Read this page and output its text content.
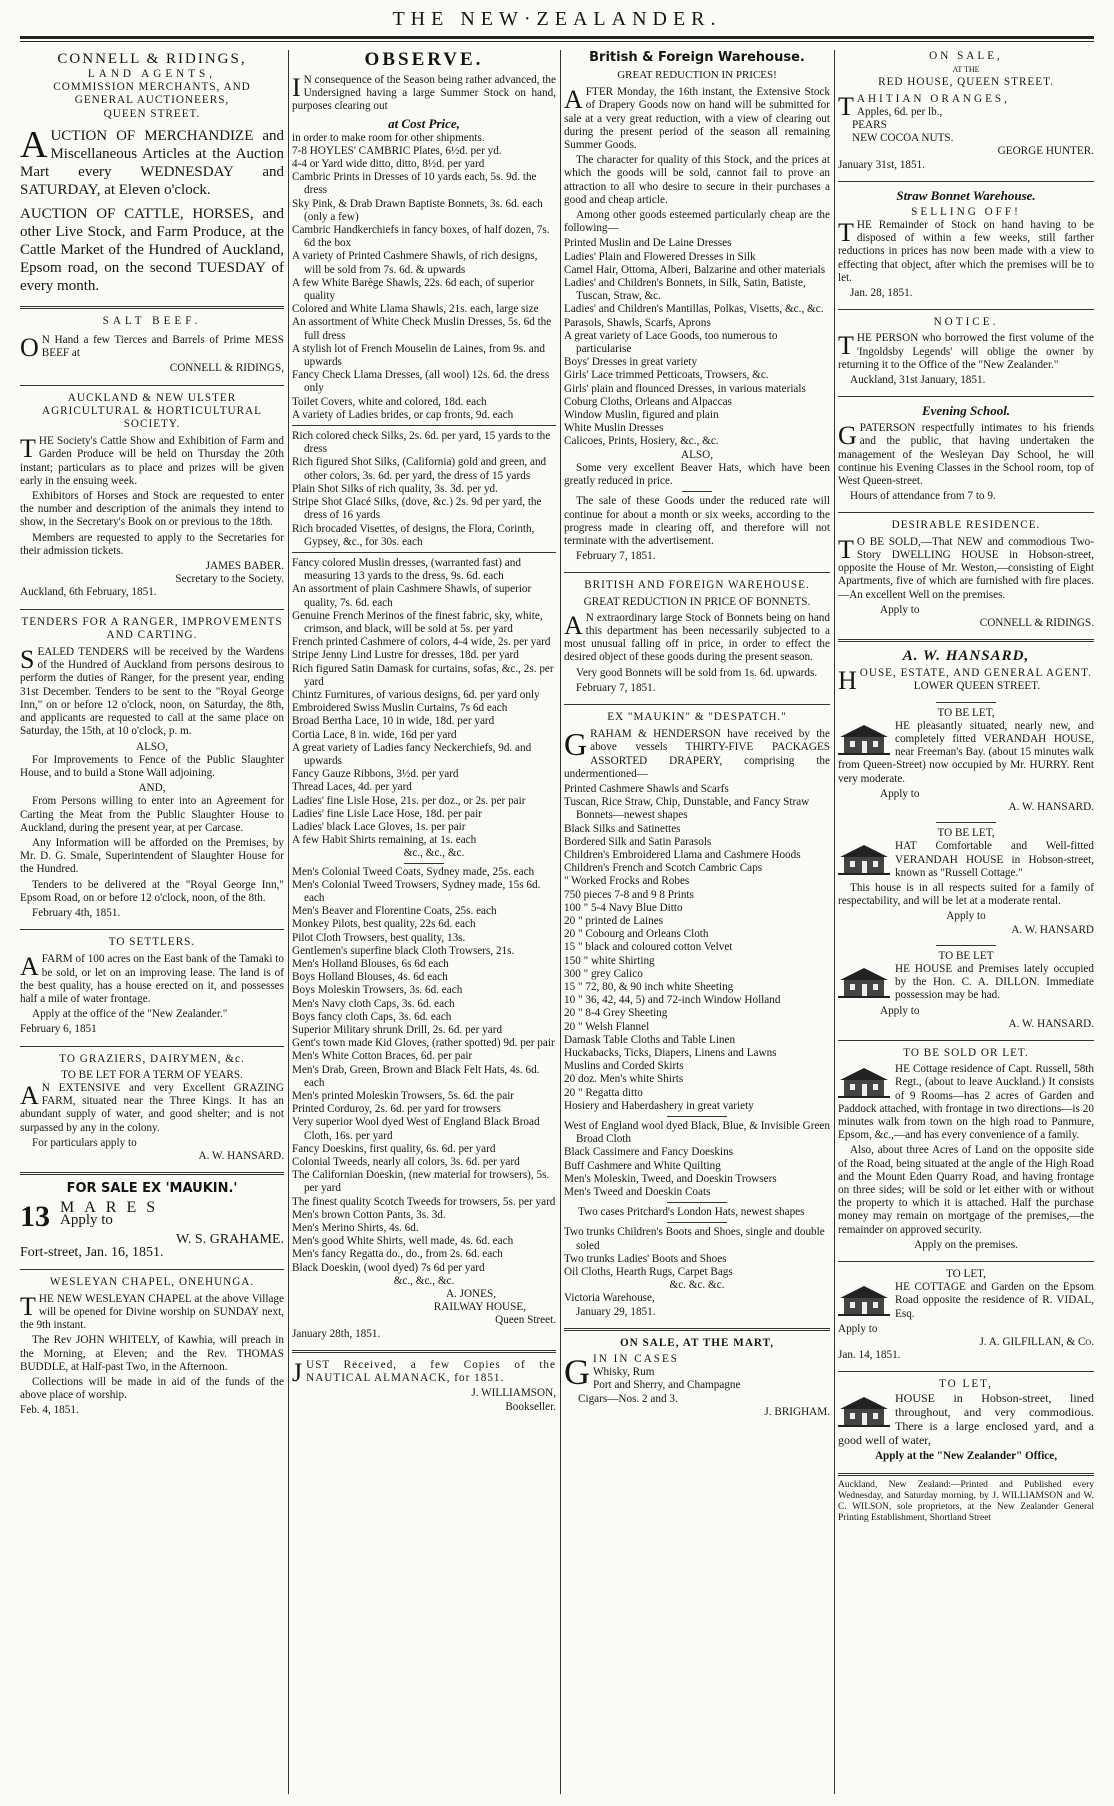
THE NEW·ZEALANDER.
CONNELL & RIDINGS,
LAND AGENTS,
COMMISSION MERCHANTS, AND
GENERAL AUCTIONEERS,
QUEEN STREET.
AUCTION OF MERCHANDIZE and Miscellaneous Articles at the Auction Mart every WEDNESDAY and SATURDAY, at Eleven o'clock.
AUCTION OF CATTLE, HORSES, and other Live Stock, and Farm Produce, at the Cattle Market of the Hundred of Auckland, Epsom road, on the second TUESDAY of every month.
SALT BEEF.
O N Hand a few Tierces and Barrels of Prime MESS BEEF at
CONNELL & RIDINGS,
AUCKLAND & NEW ULSTER AGRICULTURAL & HORTICULTURAL SOCIETY.
THE Society's Cattle Show and Exhibition of Farm and Garden Produce will be held on Thursday the 20th instant; particulars as to place and prizes will be given early in the ensuing week.
Exhibitors of Horses and Stock are requested to enter the number and description of the animals they intend to show, in the Secretary's Book on or previous to the 18th.
Members are requested to apply to the Secretaries for their admission tickets.
JAMES BABER.
Secretary to the Society.
Auckland, 6th February, 1851.
TENDERS FOR A RANGER, IMPROVEMENTS AND CARTING.
SEALED TENDERS will be received by the Wardens of the Hundred of Auckland from persons desirous to perform the duties of Ranger, for the present year, ending 31st December. Tenders to be sent to the "Royal George Inn," on or before 12 o'clock, noon, on Saturday, the 8th, and applicants are requested to call at the same place on Saturday, the 15th, at 10 o'clock, p. m.
ALSO,
For Improvements to Fence of the Public Slaughter House, and to build a Stone Wall adjoining.
AND,
From Persons willing to enter into an Agreement for Carting the Meat from the Public Slaughter House to Auckland, during the present year, at per Carcase.
Any Information will be afforded on the Premises, by Mr. D. G. Smale, Superintendent of Slaughter House for the Hundred.
Tenders to be delivered at the "Royal George Inn," Epsom Road, on or before 12 o'clock, noon, of the 8th.
February 4th, 1851.
TO SETTLERS.
AFARM of 100 acres on the East bank of the Tamaki to be sold, or let on an improving lease. The land is of the best quality, has a house erected on it, and possesses half a mile of water frontage.
Apply at the office of the "New Zealander."
February 6, 1851
TO GRAZIERS, DAIRYMEN, &c.
TO BE LET FOR A TERM OF YEARS.
A N EXTENSIVE and very Excellent GRAZING FARM, situated near the Three Kings. It has an abundant supply of water, and good shelter; and is not surpassed by any in the colony.
For particulars apply to
A. W. HANSARD.
FOR SALE EX 'MAUKIN.'
13 MARES
Apply to
W. S. GRAHAME.
Fort-street, Jan. 16, 1851.
WESLEYAN CHAPEL, ONEHUNGA.
THE NEW WESLEYAN CHAPEL at the above Village will be opened for Divine worship on SUNDAY next, the 9th instant.
The Rev JOHN WHITELY, of Kawhia, will preach in the Morning, at Eleven; and the Rev. THOMAS BUDDLE, at Half-past Two, in the Afternoon.
Collections will be made in aid of the funds of the above place of worship.
Feb. 4, 1851.
OBSERVE.
I N consequence of the Season being rather advanced, the Undersigned having a large Summer Stock on hand, purposes clearing out
at Cost Price,
in order to make room for other shipments.
7-8 HOYLES' CAMBRIC Plates, 6½d. per yd.
4-4 or Yard wide ditto, ditto, 8½d. per yard
Cambric Prints in Dresses of 10 yards each, 5s. 9d. the dress
Sky Pink, & Drab Drawn Baptiste Bonnets, 3s. 6d. each (only a few)
Cambric Handkerchiefs in fancy boxes, of half dozen, 7s. 6d the box
A variety of Printed Cashmere Shawls, of rich designs, will be sold from 7s. 6d. & upwards
A few White Barège Shawls, 22s. 6d each, of superior quality
Colored and White Llama Shawls, 21s. each, large size
An assortment of White Check Muslin Dresses, 5s. 6d the full dress
A stylish lot of French Mouselin de Laines, from 9s. and upwards
Fancy Check Llama Dresses, (all wool) 12s. 6d. the dress only
Toilet Covers, white and colored, 18d. each
A variety of Ladies brides, or cap fronts, 9d. each
Rich colored check Silks, 2s. 6d. per yard, 15 yards to the dress
Rich figured Shot Silks, (California) gold and green, and other colors, 3s. 6d. per yard, the dress of 15 yards
Plain Shot Silks of rich quality, 3s. 3d. per yd.
Stripe Shot Glacé Silks, (dove, &c.) 2s. 9d per yard, the dress of 16 yards
Rich brocaded Visettes, of designs, the Flora, Corinth, Gypsey, &c., for 30s. each
Fancy colored Muslin dresses, (warranted fast) and measuring 13 yards to the dress, 9s. 6d. each
An assortment of plain Cashmere Shawls, of superior quality, 7s. 6d. each
Genuine French Merinos of the finest fabric, sky, white, crimson, and black, will be sold at 5s. per yard
French printed Cashmere of colors, 4-4 wide, 2s. per yard
Stripe Jenny Lind Lustre for dresses, 18d. per yard
Rich figured Satin Damask for curtains, sofas, &c., 2s. per yard
Chintz Furnitures, of various designs, 6d. per yard only
Embroidered Swiss Muslin Curtains, 7s 6d each
Broad Bertha Lace, 10 in wide, 18d. per yard
Cortia Lace, 8 in. wide, 16d per yard
A great variety of Ladies fancy Neckerchiefs, 9d. and upwards
Fancy Gauze Ribbons, 3½d. per yard
Thread Laces, 4d. per yard
Ladies' fine Lisle Hose, 21s. per doz., or 2s. per pair
Ladies' fine Lisle Lace Hose, 18d. per pair
Ladies' black Lace Gloves, 1s. per pair
A few Habit Shirts remaining, at 1s. each
&c., &c., &c.
Men's Colonial Tweed Coats, Sydney made, 25s. each
Men's Colonial Tweed Trowsers, Sydney made, 15s 6d. each
Men's Beaver and Florentine Coats, 25s. each
Monkey Pilots, best quality, 22s 6d. each
Pilot Cloth Trowsers, best quality, 13s.
Gentlemen's superfine black Cloth Trowsers, 21s.
Men's Holland Blouses, 6s 6d each
Boys Holland Blouses, 4s. 6d each
Boys Moleskin Trowsers, 3s. 6d. each
Men's Navy cloth Caps, 3s. 6d. each
Boys fancy cloth Caps, 3s. 6d. each
Superior Military shrunk Drill, 2s. 6d. per yard
Gent's town made Kid Gloves, (rather spotted) 9d. per pair
Men's White Cotton Braces, 6d. per pair
Men's Drab, Green, Brown and Black Felt Hats, 4s. 6d. each
Men's printed Moleskin Trowsers, 5s. 6d. the pair
Printed Corduroy, 2s. 6d. per yard for trowsers
Very superior Wool dyed West of England Black Broad Cloth, 16s. per yard
Fancy Doeskins, first quality, 6s. 6d. per yard
Colonial Tweeds, nearly all colors, 3s. 6d. per yard
The Californian Doeskin, (new material for trowsers), 5s. per yard
The finest quality Scotch Tweeds for trowsers, 5s. per yard
Men's brown Cotton Pants, 3s. 3d.
Men's Merino Shirts, 4s. 6d.
Men's good White Shirts, well made, 4s. 6d. each
Men's fancy Regatta do., do., from 2s. 6d. each
Black Doeskin, (wool dyed) 7s 6d per yard
&c., &c., &c.
A. JONES,
RAILWAY HOUSE,
Queen Street.
January 28th, 1851.
JUST Received, a few Copies of the NAUTICAL ALMANACK, for 1851.
J. WILLIAMSON,
Bookseller.
British & Foreign Warehouse.
GREAT REDUCTION IN PRICES!
AFTER Monday, the 16th instant, the Extensive Stock of Drapery Goods now on hand will be submitted for sale at a very great reduction, with a view of clearing out during the present period of the season all remaining Summer Goods.
The character for quality of this Stock, and the prices at which the goods will be sold, cannot fail to prove an attraction to all who desire to secure in their purchases a good and cheap article.
Among other goods esteemed particularly cheap are the following—
Printed Muslin and De Laine Dresses
Ladies' Plain and Flowered Dresses in Silk
Camel Hair, Ottoma, Alberi, Balzarine and other materials
Ladies' and Children's Bonnets, in Silk, Satin, Batiste, Tuscan, Straw, &c.
Ladies' and Children's Mantillas, Polkas, Visetts, &c., &c.
Parasols, Shawls, Scarfs, Aprons
A great variety of Lace Goods, too numerous to particularise
Boys' Dresses in great variety
Girls' Lace trimmed Petticoats, Trowsers, &c.
Girls' plain and flounced Dresses, in various materials
Coburg Cloths, Orleans and Alpaccas
Window Muslin, figured and plain
White Muslin Dresses
Calicoes, Prints, Hosiery, &c., &c.
ALSO,
Some very excellent Beaver Hats, which have been greatly reduced in price.
The sale of these Goods under the reduced rate will continue for about a month or six weeks, according to the progress made in clearing off, and therefore will not terminate with the advertisement.
February 7, 1851.
BRITISH AND FOREIGN WAREHOUSE.
GREAT REDUCTION IN PRICE OF BONNETS.
A N extraordinary large Stock of Bonnets being on hand this department has been necessarily subjected to a most unusual falling off in price, in order to effect the desired object of these goods during the present season.
Very good Bonnets will be sold from 1s. 6d. upwards.
February 7, 1851.
EX "MAUKIN" & "DESPATCH."
GRAHAM & HENDERSON have received by the above vessels THIRTY-FIVE PACKAGES ASSORTED DRAPERY, comprising the undermentioned—
Printed Cashmere Shawls and Scarfs
Tuscan, Rice Straw, Chip, Dunstable, and Fancy Straw Bonnets—newest shapes
Black Silks and Satinettes
Bordered Silk and Satin Parasols
Children's Embroidered Llama and Cashmere Hoods
Children's French and Scotch Cambric Caps
" Worked Frocks and Robes
750 pieces 7-8 and 9 8 Prints
100 " 5-4 Navy Blue Ditto
20 " printed de Laines
20 " Cobourg and Orleans Cloth
15 " black and coloured cotton Velvet
150 " white Shirting
300 " grey Calico
15 " 72, 80, & 90 inch white Sheeting
10 " 36, 42, 44, 5) and 72-inch Window Holland
20 " 8-4 Grey Sheeting
20 " Welsh Flannel
Damask Table Cloths and Table Linen
Huckabacks, Ticks, Diapers, Linens and Lawns
Muslins and Corded Skirts
20 doz. Men's white Shirts
20 " Regatta ditto
Hosiery and Haberdashery in great variety
West of England wool dyed Black, Blue, & Invisible Green Broad Cloth
Black Cassimere and Fancy Doeskins
Buff Cashmere and White Quilting
Men's Moleskin, Tweed, and Doeskin Trowsers
Men's Tweed and Doeskin Coats
Two cases Pritchard's London Hats, newest shapes
Two trunks Children's Boots and Shoes, single and double soled
Two trunks Ladies' Boots and Shoes
Oil Cloths, Hearth Rugs, Carpet Bags
&c. &c. &c.
Victoria Warehouse,
January 29, 1851.
ON SALE, AT THE MART,
GIN IN CASES
Whisky, Rum
Port and Sherry, and Champagne
Cigars—Nos. 2 and 3.
J. BRIGHAM.
ON SALE,
AT THE
RED HOUSE, QUEEN STREET.
TAHITIAN ORANGES,
Apples, 6d. per lb.,
PEARS
NEW COCOA NUTS.
GEORGE HUNTER.
January 31st, 1851.
Straw Bonnet Warehouse.
SELLING OFF!
THE Remainder of Stock on hand having to be disposed of within a few weeks, still farther reductions in prices has now been made with a view to effecting that object, after which the premises will be to let.
Jan. 28, 1851.
NOTICE.
THE PERSON who borrowed the first volume of the 'Ingoldsby Legends' will oblige the owner by returning it to the Office of the "New Zealander."
Auckland, 31st January, 1851.
Evening School.
GPATERSON respectfully intimates to his friends and the public, that having undertaken the management of the Wesleyan Day School, he will continue his Evening Classes in the School room, top of West Queen-street.
Hours of attendance from 7 to 9.
DESIRABLE RESIDENCE.
T O BE SOLD,—That NEW and commodious Two-Story DWELLING HOUSE in Hobson-street, opposite the House of Mr. Weston,—consisting of Eight Apartments, five of which are furnished with fire places.—An excellent Well on the premises.
Apply to
CONNELL & RIDINGS.
A. W. HANSARD,
HOUSE, ESTATE, AND GENERAL AGENT.
LOWER QUEEN STREET.
TO BE LET,
HE pleasantly situated, nearly new, and completely fitted VERANDAH HOUSE, near Freeman's Bay. (about 15 minutes walk from Queen-Street) now occupied by Mr. HURRY. Rent very moderate.
Apply to
A. W. HANSARD.
TO BE LET,
HAT Comfortable and Well-fitted VERANDAH HOUSE in Hobson-street, known as "Russell Cottage."
This house is in all respects suited for a family of respectability, and will be let at a moderate rental.
Apply to
A. W. HANSARD
TO BE LET
HE HOUSE and Premises lately occupied by the Hon. C. A. DILLON. Immediate possession may be had.
Apply to
A. W. HANSARD.
TO BE SOLD OR LET.
HE Cottage residence of Capt. Russell, 58th Regt., (about to leave Auckland.) It consists of 9 Rooms—has 2 acres of Garden and Paddock attached, with frontage in two directions—is 20 minutes walk from town on the high road to Panmure, Epsom, &c.,—and has every convenience of a family.
Also, about three Acres of Land on the opposite side of the Road, being situated at the angle of the High Road and the Mount Eden Quarry Road, and having frontage on three sides; will be sold or let either with or without the property to which it is attached. Half the purchase money may remain on mortgage of the premises,—the remainder on approved security.
Apply on the premises.
TO LET,
HE COTTAGE and Garden on the Epsom Road opposite the residence of R. VIDAL, Esq.
Apply to
J. A. GILFILLAN, & Co.
Jan. 14, 1851.
TO LET,
HOUSE in Hobson-street, lined throughout, and very commodious. There is a large enclosed yard, and a good well of water,
Apply at the "New Zealander" Office,
Auckland, New Zealand:—Printed and Published every Wednesday, and Saturday morning, by J. WILLIAMSON and W. C. WILSON, sole proprietors, at the New Zealander General Printing Establishment, Shortland Street
